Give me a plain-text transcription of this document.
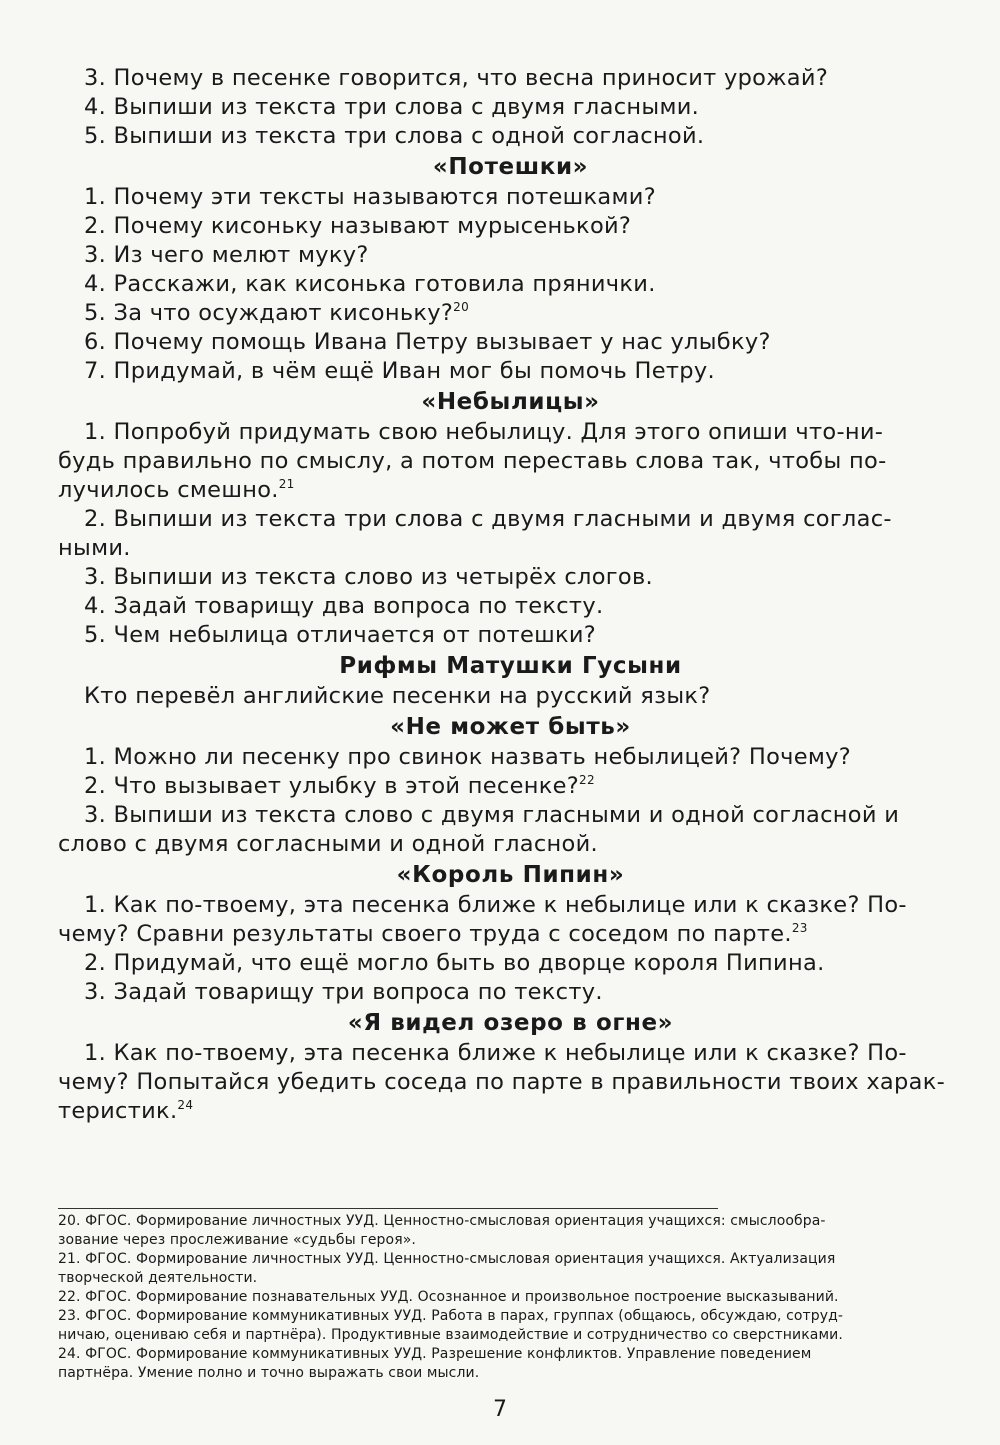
3. Почему в песенке говорится, что весна приносит урожай?
4. Выпиши из текста три слова с двумя гласными.
5. Выпиши из текста три слова с одной согласной.
«Потешки»
1. Почему эти тексты называются потешками?
2. Почему кисоньку называют мурысенькой?
3. Из чего мелют муку?
4. Расскажи, как кисонька готовила прянички.
5. За что осуждают кисоньку?$^{20}$
6. Почему помощь Ивана Петру вызывает у нас улыбку?
7. Придумай, в чём ещё Иван мог бы помочь Петру.
«Небылицы»
1. Попробуй придумать свою небылицу. Для этого опиши что-ни-
будь правильно по смыслу, а потом переставь слова так, чтобы по-
лучилось смешно.$^{21}$
2. Выпиши из текста три слова с двумя гласными и двумя соглас-
ными.
3. Выпиши из текста слово из четырёх слогов.
4. Задай товарищу два вопроса по тексту.
5. Чем небылица отличается от потешки?
Рифмы Матушки Гусыни
Кто перевёл английские песенки на русский язык?
«Не может быть»
1. Можно ли песенку про свинок назвать небылицей? Почему?
2. Что вызывает улыбку в этой песенке?$^{22}$
3. Выпиши из текста слово с двумя гласными и одной согласной и
слово с двумя согласными и одной гласной.
«Король Пипин»
1. Как по-твоему, эта песенка ближе к небылице или к сказке? По-
чему? Сравни результаты своего труда с соседом по парте.$^{23}$
2. Придумай, что ещё могло быть во дворце короля Пипина.
3. Задай товарищу три вопроса по тексту.
«Я видел озеро в огне»
1. Как по-твоему, эта песенка ближе к небылице или к сказке? По-
чему? Попытайся убедить соседа по парте в правильности твоих харак-
теристик.$^{24}$

20. ФГОС. Формирование личностных УУД. Ценностно-смысловая ориентация учащихся: смыслообра-

зование через прослеживание «судьбы героя».

21. ФГОС. Формирование личностных УУД. Ценностно-смысловая ориентация учащихся. Актуализация

творческой деятельности.

22. ФГОС. Формирование познавательных УУД. Осознанное и произвольное построение высказываний.

23. ФГОС. Формирование коммуникативных УУД. Работа в парах, группах (общаюсь, обсуждаю, сотруд-

ничаю, оцениваю себя и партнёра). Продуктивные взаимодействие и сотрудничество со сверстниками.

24. ФГОС. Формирование коммуникативных УУД. Разрешение конфликтов. Управление поведением

партнёра. Умение полно и точно выражать свои мысли.

7
